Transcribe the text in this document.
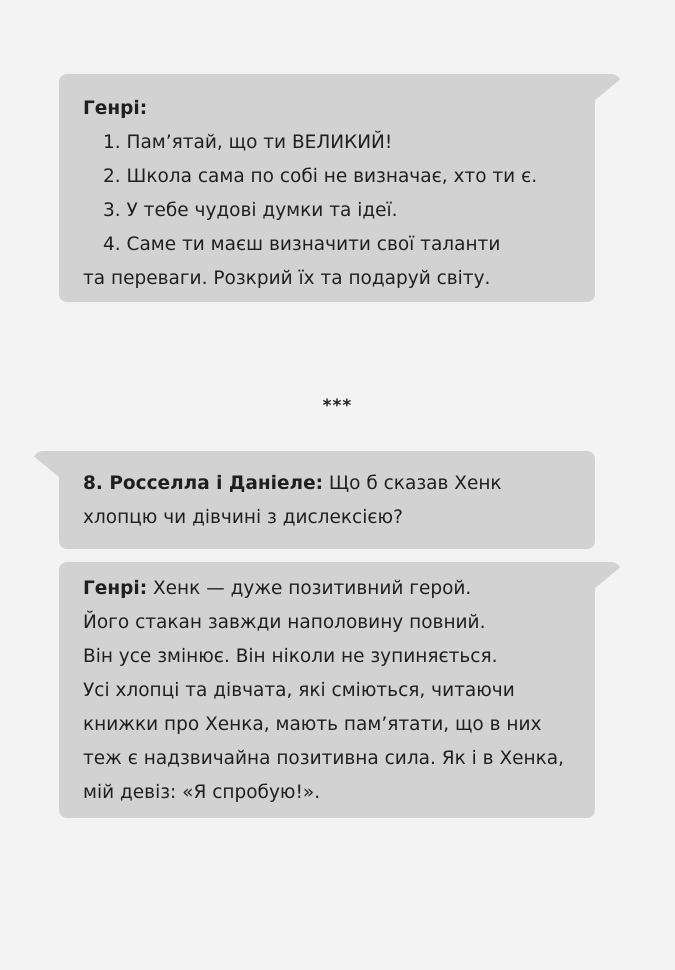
Генрі:
1. Пам’ятай, що ти ВЕЛИКИЙ!
2. Школа сама по собі не визначає, хто ти є.
3. У тебе чудові думки та ідеї.
4. Саме ти маєш визначити свої таланти
та переваги. Розкрий їх та подаруй світу.
***
8. Росселла і Даніеле: Що б сказав Хенк
хлопцю чи дівчині з дислексією?
Генрі: Хенк — дуже позитивний герой.
Його стакан завжди наполовину повний.
Він усе змінює. Він ніколи не зупиняється.
Усі хлопці та дівчата, які сміються, читаючи
книжки про Хенка, мають пам’ятати, що в них
теж є надзвичайна позитивна сила. Як і в Хенка,
мій девіз: «Я спробую!».
